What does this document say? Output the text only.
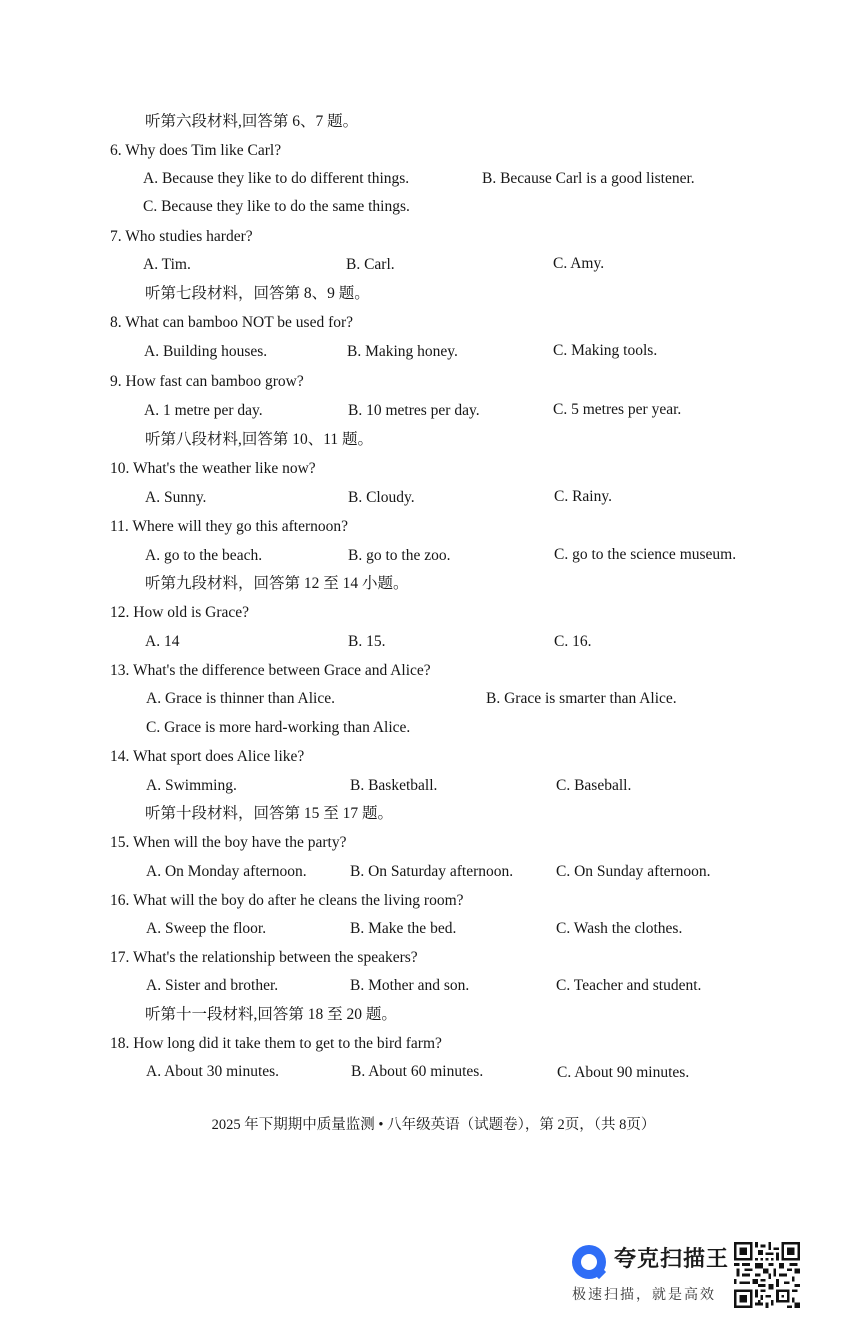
听第六段材料,回答第 6、7 题。
6. Why does Tim like Carl?
A. Because they like to do different things.	B. Because Carl is a good listener.
C. Because they like to do the same things.
7. Who studies harder?
A. Tim.	B. Carl.	C. Amy.
听第七段材料，回答第 8、9 题。
8. What can bamboo NOT be used for?
A. Building houses.	B. Making honey.	C. Making tools.
9. How fast can bamboo grow?
A. 1 metre per day.	B. 10 metres per day.	C. 5 metres per year.
听第八段材料,回答第 10、11 题。
10. What's the weather like now?
A. Sunny.	B. Cloudy.	C. Rainy.
11. Where will they go this afternoon?
A. go to the beach.	B. go to the zoo.	C. go to the science museum.
听第九段材料，回答第 12 至 14 小题。
12. How old is Grace?
A. 14	B. 15.	C. 16.
13. What's the difference between Grace and Alice?
A. Grace is thinner than Alice.	B. Grace is smarter than Alice.
C. Grace is more hard-working than Alice.
14. What sport does Alice like?
A. Swimming.	B. Basketball.	C. Baseball.
听第十段材料，回答第 15 至 17 题。
15. When will the boy have the party?
A. On Monday afternoon.	B. On Saturday afternoon.	C. On Sunday afternoon.
16. What will the boy do after he cleans the living room?
A. Sweep the floor.	B. Make the bed.	C. Wash the clothes.
17. What's the relationship between the speakers?
A. Sister and brother.	B. Mother and son.	C. Teacher and student.
听第十一段材料,回答第 18 至 20 题。
18. How long did it take them to get to the bird farm?
A. About 30 minutes.	B. About 60 minutes.	C. About 90 minutes.
2025 年下期期中质量监测 • 八年级英语（试题卷），第 2页，（共 8页）
夸克扫描王
极速扫描，就是高效
